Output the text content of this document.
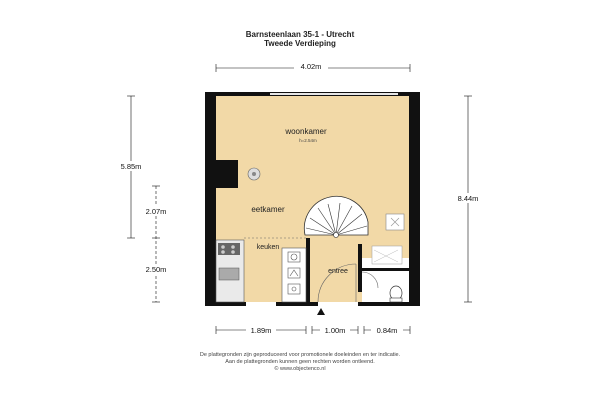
Barnsteenlaan 35-1 - Utrecht
Tweede Verdieping
woonkamer
h=2.54m
eetkamer
keuken
entree
4.02m
5.85m
2.07m
2.50m
8.44m
1.89m	1.00m	0.84m
De plattegronden zijn geproduceerd voor promotionele doeleinden en ter indicatie.
Aan de plattegronden kunnen geen rechten worden ontleend.
© www.objectenco.nl
